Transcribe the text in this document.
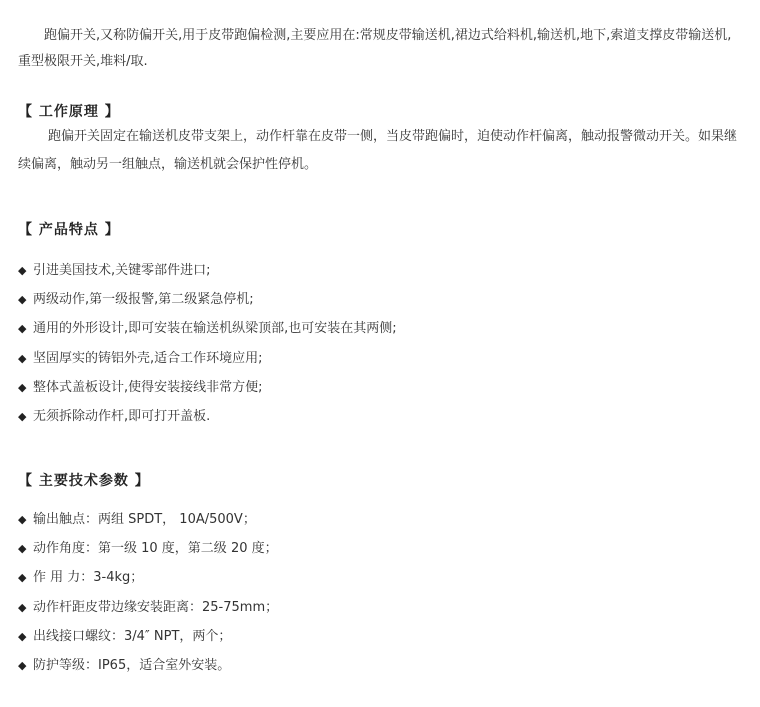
跑偏开关,又称防偏开关,用于皮带跑偏检测,主要应用在:常规皮带输送机,裙边式给料机,输送机,地下,索道支撑皮带输送机,重型极限开关,堆料/取.

【 工作原理 】

跑偏开关固定在输送机皮带支架上，动作杆靠在皮带一侧，当皮带跑偏时，迫使动作杆偏离，触动报警微动开关。如果继续偏离，触动另一组触点，输送机就会保护性停机。

【 产品特点 】
◆ 引进美国技术,关键零部件进口;
◆ 两级动作,第一级报警,第二级紧急停机;
◆ 通用的外形设计,即可安装在输送机纵梁顶部,也可安装在其两侧;
◆ 坚固厚实的铸铝外壳,适合工作环境应用;
◆ 整体式盖板设计,使得安装接线非常方便;
◆ 无须拆除动作杆,即可打开盖板.
【 主要技术参数 】
◆ 输出触点：两组 SPDT， 10A/500V；
◆ 动作角度：第一级 10 度，第二级 20 度；
◆ 作 用 力：3-4kg；
◆ 动作杆距皮带边缘安装距离：25-75mm；
◆ 出线接口螺纹：3/4″ NPT，两个；
◆ 防护等级：IP65，适合室外安装。
